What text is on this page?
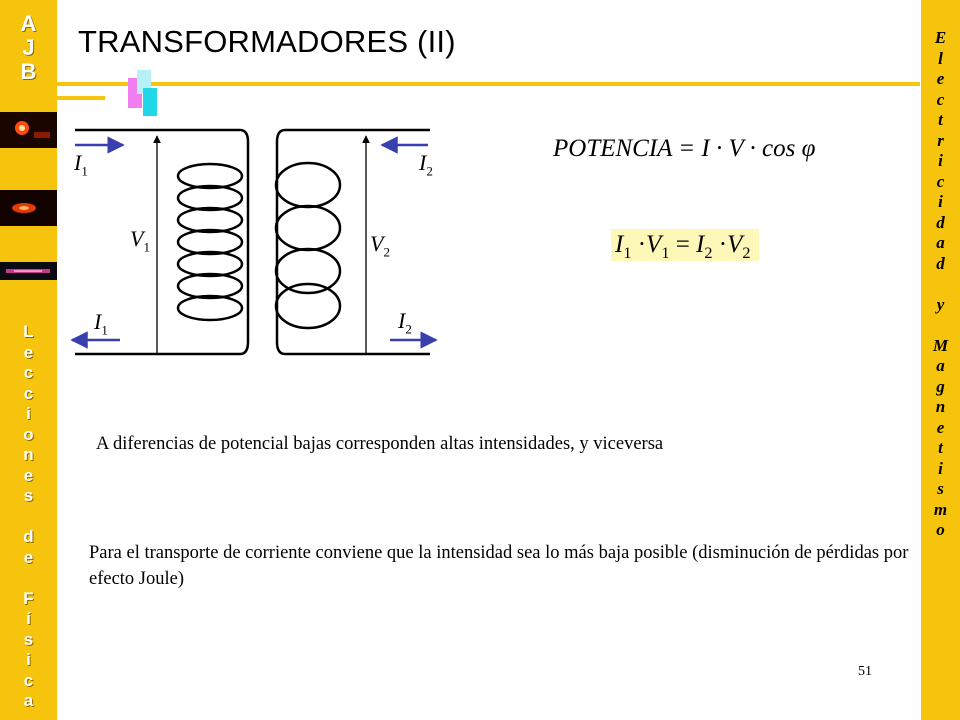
A
J
B
L
e
c
c
i
o
n
e
s

d
e

F
í
s
i
c
a
E
l
e
c
t
r
i
c
i
d
a
d

y

M
a
g
n
e
t
i
s
m
o
TRANSFORMADORES (II)
$I_1$
$I_1$
$V_1$
$I_2$
$I_2$
$V_2$
POTENCIA = I · V · cos φ
$I_1 \cdot V_1 = I_2 \cdot V_2$
A diferencias de potencial bajas corresponden altas intensidades, y viceversa
Para el transporte de corriente conviene que la intensidad sea lo más baja posible (disminución de pérdidas por efecto Joule)
51
